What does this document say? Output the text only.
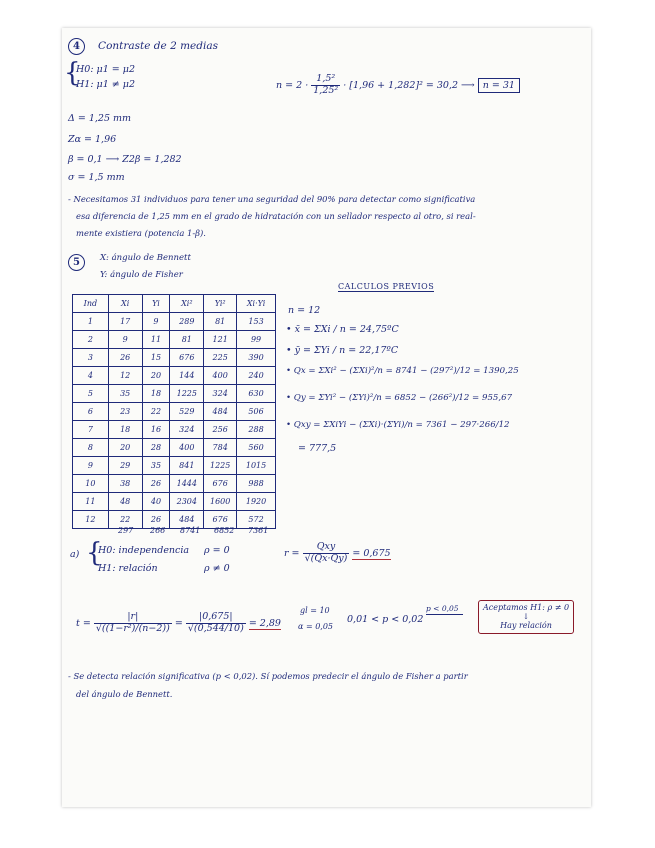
4 Contraste de 2 medias
{
H0: μ1 = μ2
H1: μ1 ≠ μ2	$n = 2 \cdot \frac{\text{1,5²}}{\text{1,25²}} \cdot [1,96 + 1,282]^2 = 30,2$ ⟶ n = 31
Δ = 1,25 mm
Zα = 1,96
β = 0,1 ⟶ Z2β = 1,282
σ = 1,5 mm
- Necesitamos 31 individuos para tener una seguridad del 90% para detectar como significativa
esa diferencia de 1,25 mm en el grado de hidratación con un sellador respecto al otro, si real-
mente existiera (potencia 1-β).
5	X: ángulo de Bennett
Y: ángulo de Fisher
Ind	Xi	Yi	Xi²	Yi²	Xi·Yi
1	17	9	289	81	153
2	9	11	81	121	99
3	26	15	676	225	390
4	12	20	144	400	240
5	35	18	1225	324	630
6	23	22	529	484	506
7	18	16	324	256	288
8	20	28	400	784	560
9	29	35	841	1225	1015
10	38	26	1444	676	988
11	48	40	2304	1600	1920
12	22	26	484	676	572
297 266 8741 6852 7361
CALCULOS PREVIOS
n = 12
• x̄ = ΣXi / n = 24,75ºC
• ȳ = ΣYi / n = 22,17ºC
• Qx = ΣXi² − (ΣXi)²/n = 8741 − (297²)/12 = 1390,25
• Qy = ΣYi² − (ΣYi)²/n = 6852 − (266²)/12 = 955,67
• Qxy = ΣXiYi − (ΣXi)·(ΣYi)/n = 7361 − 297·266/12
= 777,5
a) {
H0: independencia ρ = 0
H1: relación	ρ ≠ 0
$r = \frac{\text{Qxy}}{√(Qx\cdot Qy)} = 0,675$
$t = \frac{|r|}{\text{√((1−r²)/(n−2))}} = \frac{|0,675|}{√(0,544/10)} = 2,89$
gl = 10
α = 0,05
0,01 < p < 0,02
p < 0,05	Aceptamos H1: ρ ≠ 0
↓
Hay relación
- Se detecta relación significativa (p < 0,02). Sí podemos predecir el ángulo de Fisher a partir
del ángulo de Bennett.
